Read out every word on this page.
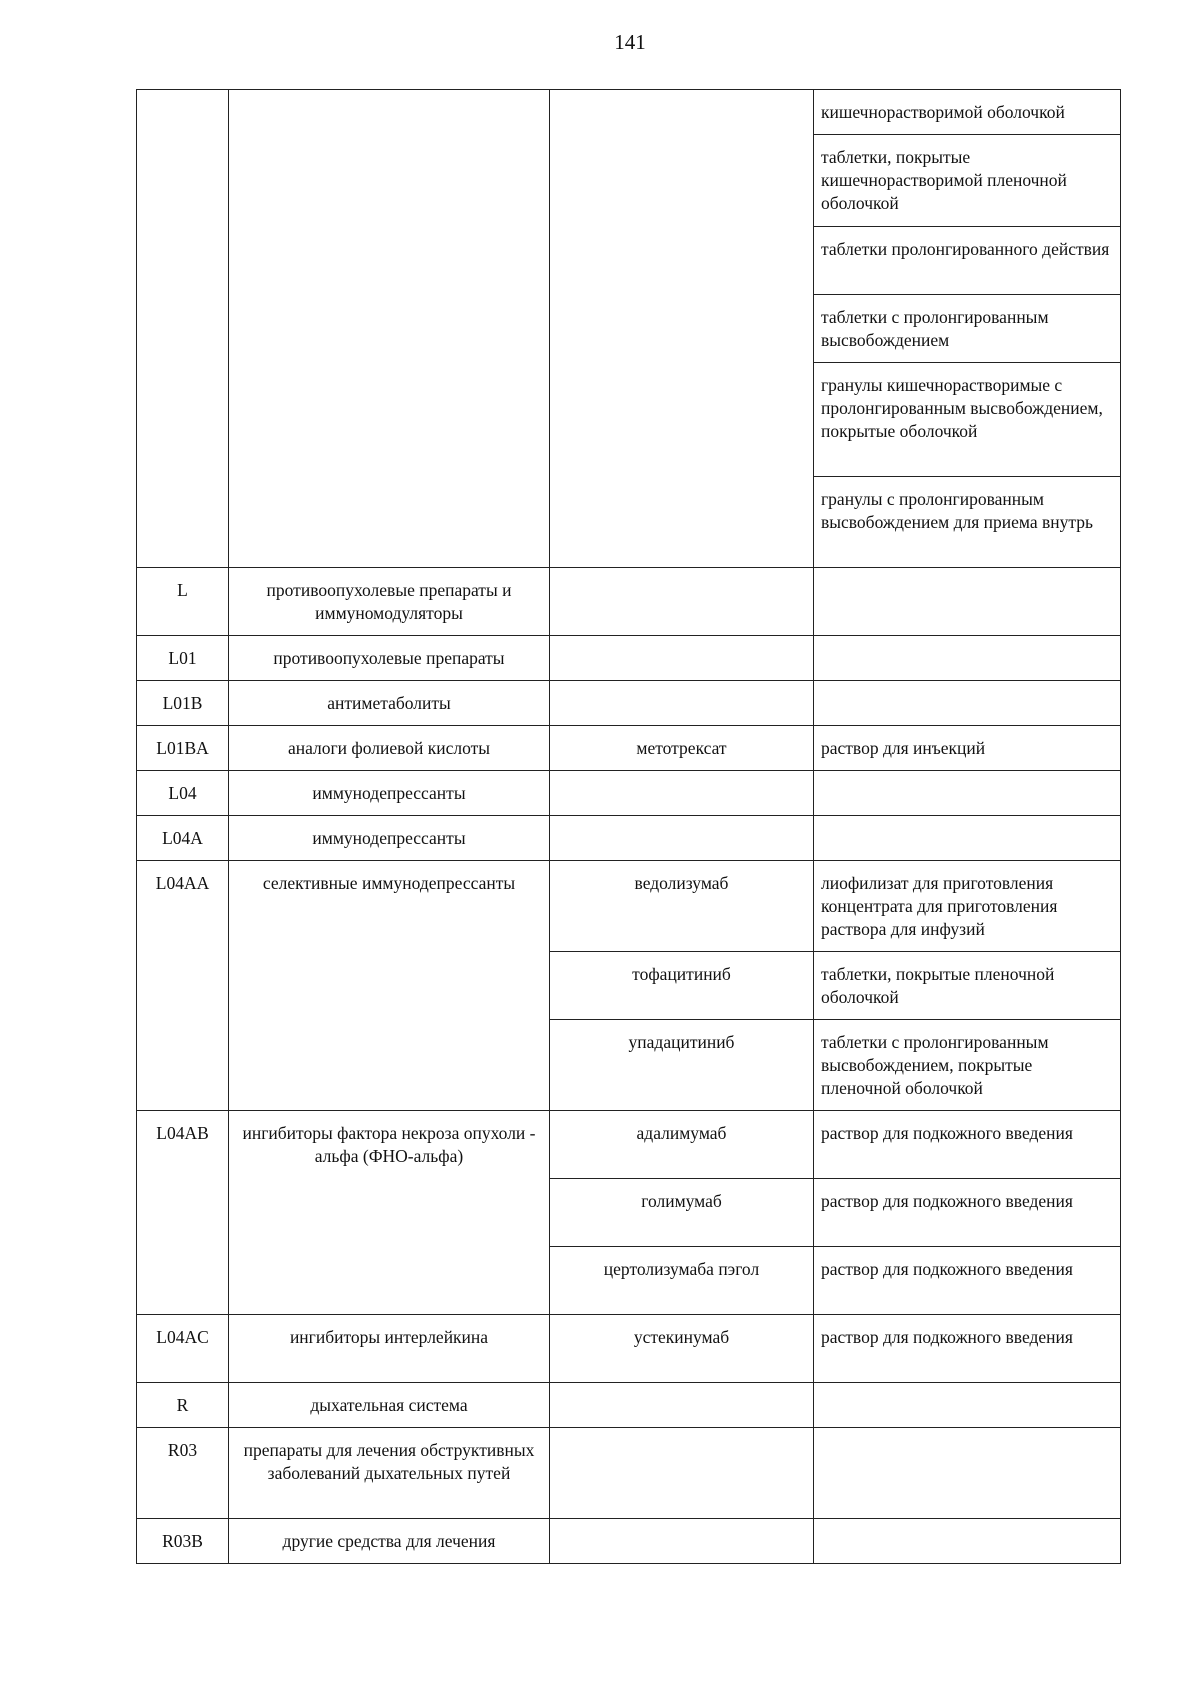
141
			кишечнорастворимой оболочкой
			таблетки, покрытые кишечнорастворимой пленочной оболочкой
			таблетки пролонгированного действия
			таблетки с пролонгированным высвобождением
			гранулы кишечнорастворимые с пролонгированным высвобождением, покрытые оболочкой
			гранулы с пролонгированным высвобождением для приема внутрь
L	противоопухолевые препараты и иммуномодуляторы		
L01	противоопухолевые препараты		
L01B	антиметаболиты		
L01BA	аналоги фолиевой кислоты	метотрексат	раствор для инъекций
L04	иммунодепрессанты		
L04A	иммунодепрессанты		
L04AA	селективные иммунодепрессанты	ведолизумаб	лиофилизат для приготовления концентрата для приготовления раствора для инфузий
		тофацитиниб	таблетки, покрытые пленочной оболочкой
		упадацитиниб	таблетки с пролонгированным высвобождением, покрытые пленочной оболочкой
L04AB	ингибиторы фактора некроза опухоли - альфа (ФНО-альфа)	адалимумаб	раствор для подкожного введения
		голимумаб	раствор для подкожного введения
		цертолизумаба пэгол	раствор для подкожного введения
L04AC	ингибиторы интерлейкина	устекинумаб	раствор для подкожного введения
R	дыхательная система		
R03	препараты для лечения обструктивных заболеваний дыхательных путей		
R03B	другие средства для лечения		
